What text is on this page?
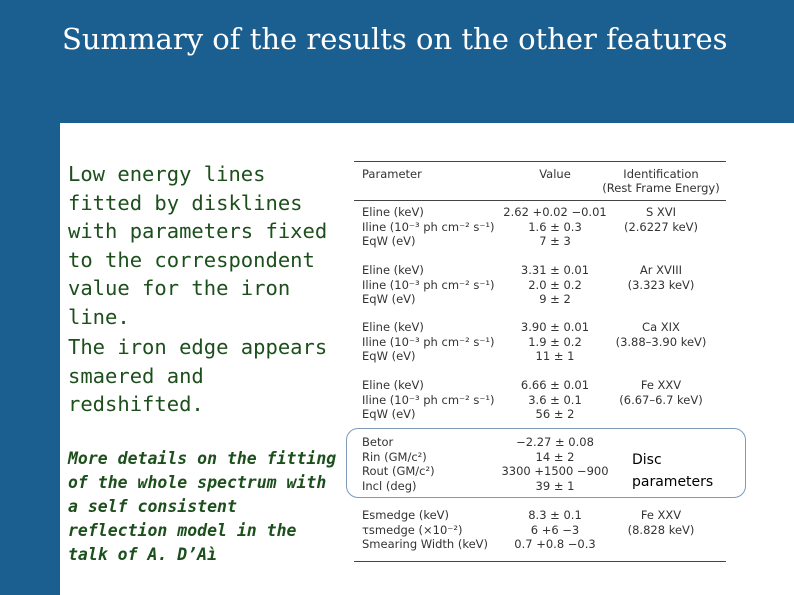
Summary of the results on the other features
Low energy lines fitted by disklines with parameters fixed to the correspondent value for the iron line.
The iron edge appears smaered and redshifted.
More details on the fitting of the whole spectrum with a self consistent reflection model in the talk of A. D’Aì
Parameter	Value	Identification
(Rest Frame Energy)
Eline (keV)
Iline (10⁻³ ph cm⁻² s⁻¹)
EqW (eV)
2.62 +0.02 −0.01
1.6 ± 0.3
7 ± 3
S XVI
(2.6227 keV)
Eline (keV)
Iline (10⁻³ ph cm⁻² s⁻¹)
EqW (eV)
3.31 ± 0.01
2.0 ± 0.2
9 ± 2
Ar XVIII
(3.323 keV)
Eline (keV)
Iline (10⁻³ ph cm⁻² s⁻¹)
EqW (eV)
3.90 ± 0.01
1.9 ± 0.2
11 ± 1
Ca XIX
(3.88–3.90 keV)
Eline (keV)
Iline (10⁻³ ph cm⁻² s⁻¹)
EqW (eV)
6.66 ± 0.01
3.6 ± 0.1
56 ± 2
Fe XXV
(6.67–6.7 keV)
Betor
Rin (GM/c²)
Rout (GM/c²)
Incl (deg)
−2.27 ± 0.08
14 ± 2
3300 +1500 −900
39 ± 1
Esmedge (keV)
τsmedge (×10⁻²)
Smearing Width (keV)
8.3 ± 0.1
6 +6 −3
0.7 +0.8 −0.3
Fe XXV
(8.828 keV)
Disc
parameters
